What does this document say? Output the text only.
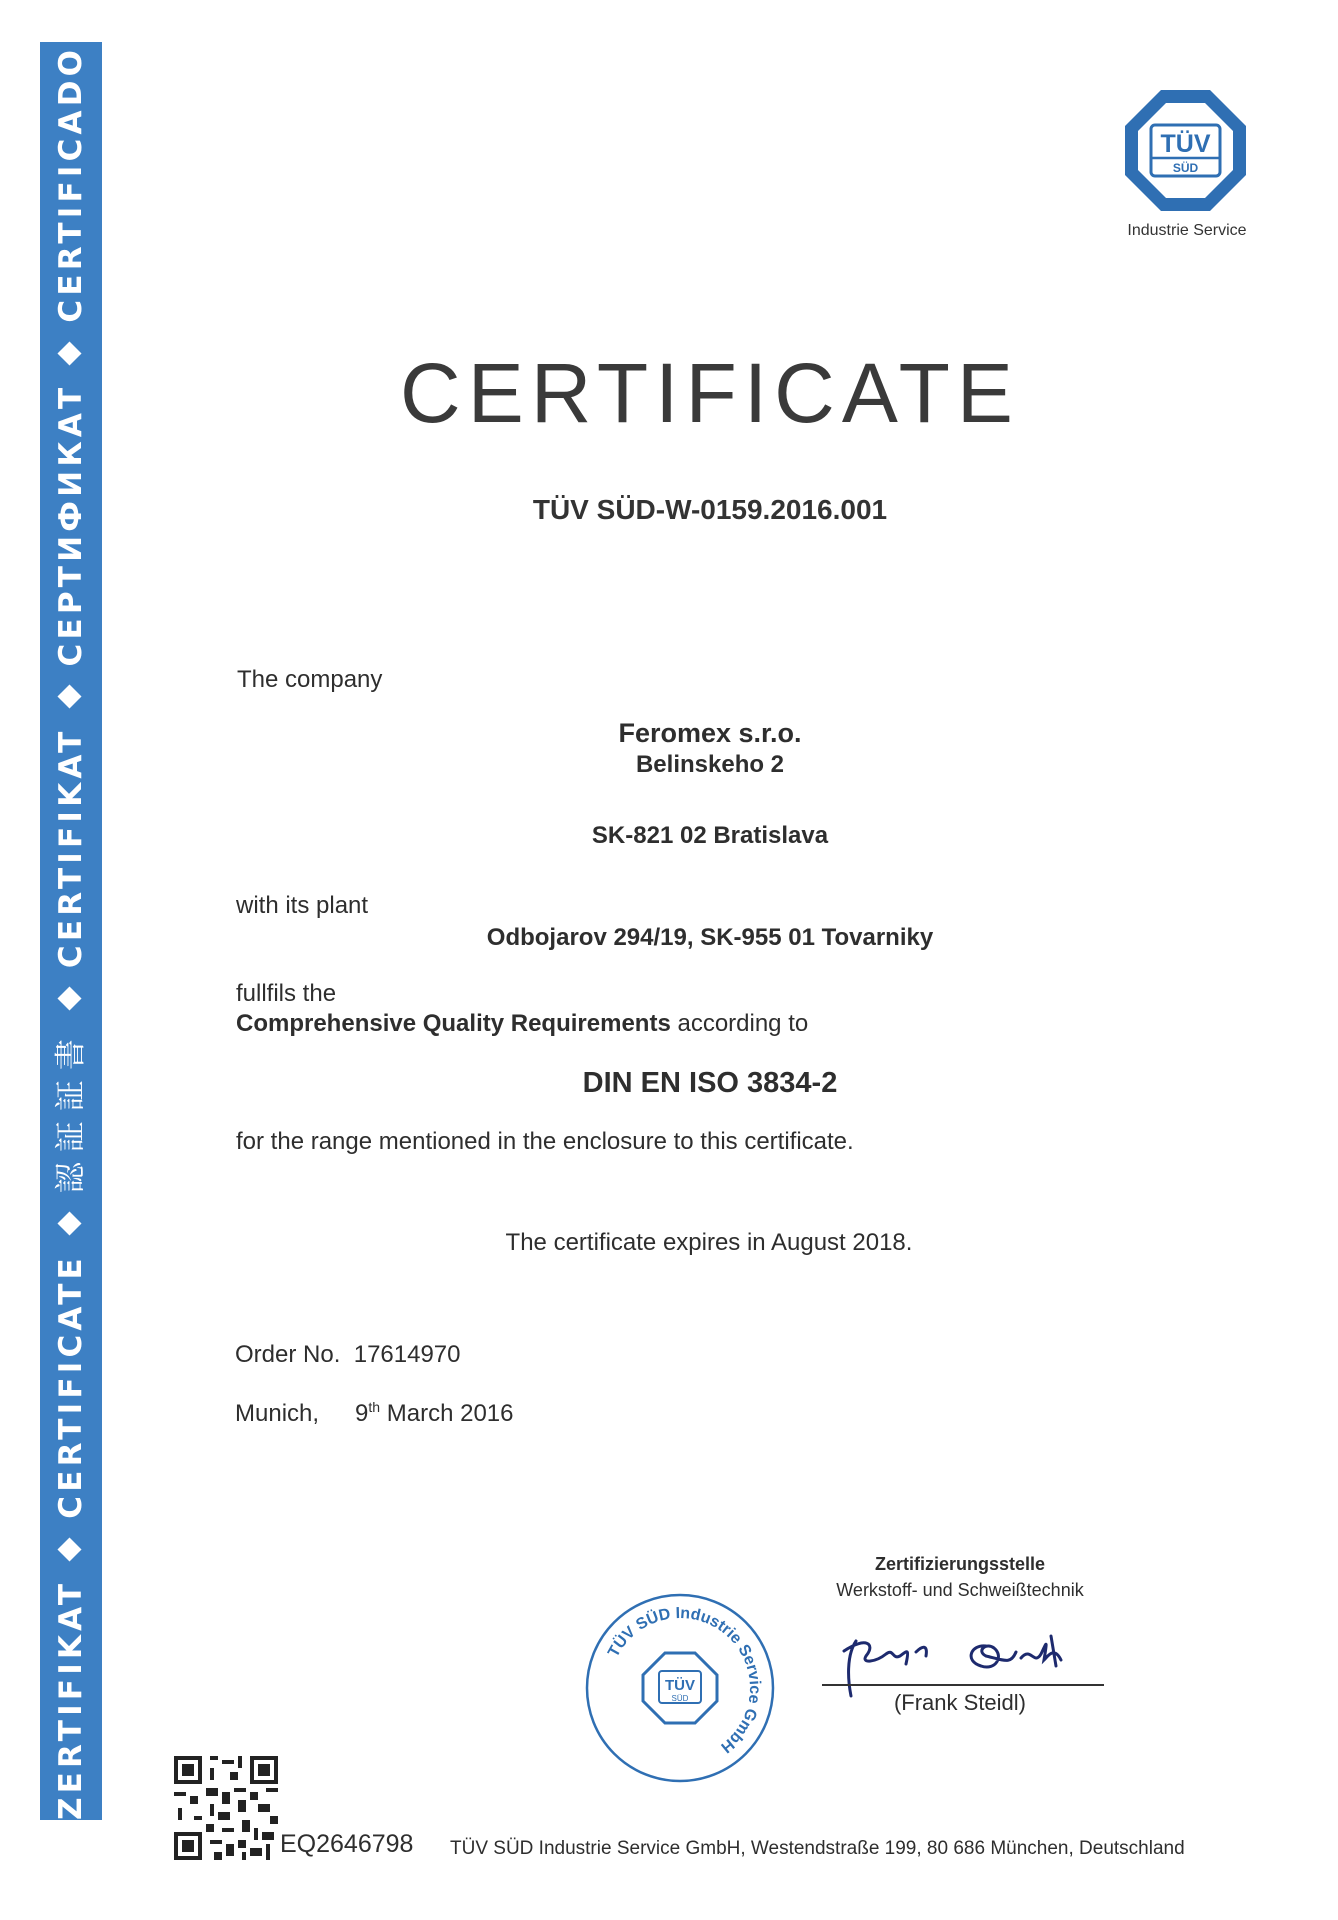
ZERTIFIKATCERTIFICATE認証証書CERTIFIKATСЕРТИФИКАТCERTIFICADO	TÜV
SÜD
Industrie Service
CERTIFICATE
TÜV SÜD-W-0159.2016.001
The company
Feromex s.r.o.
Belinskeho 2
SK-821 02 Bratislava
with its plant
Odbojarov 294/19, SK-955 01 Tovarniky
fullfils the
Comprehensive Quality Requirements according to
DIN EN ISO 3834-2
for the range mentioned in the enclosure to this certificate.
The certificate expires in August 2018.
Order No. 17614970
Munich, 9th March 2016
Zertifizierungsstelle
Werkstoff- und Schweißtechnik
(Frank Steidl)
TÜV SÜD Industrie Service GmbH
TÜV
SÜD
EQ2646798 TÜV SÜD Industrie Service GmbH, Westendstraße 199, 80 686 München, Deutschland
